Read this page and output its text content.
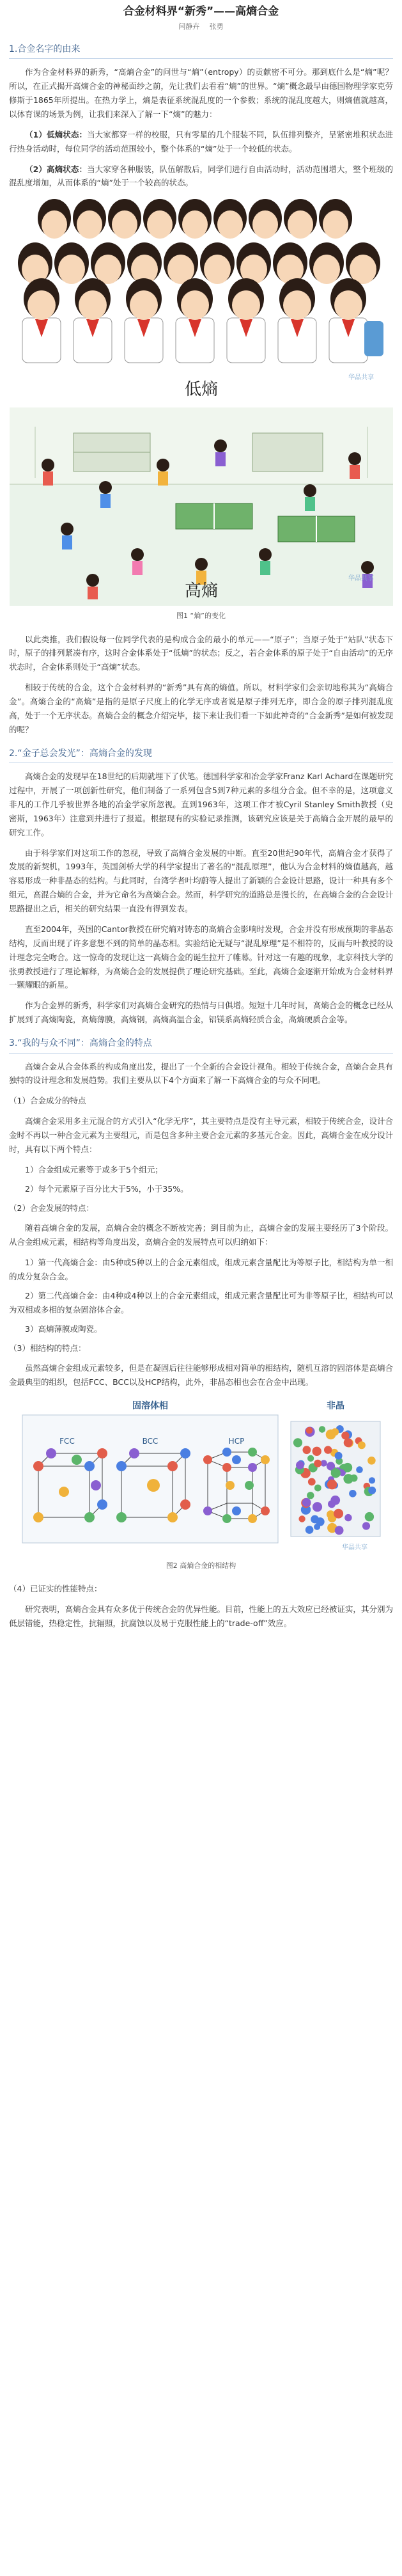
合金材料界“新秀”——高熵合金
闫静卉 张勇
1.合金名字的由来

作为合金材料界的新秀，“高熵合金”的问世与“熵”（entropy）的贡献密不可分。那到底什么是“熵”呢？所以，在正式揭开高熵合金的神秘面纱之前，先让我们去看看“熵”的世界。“熵”概念最早由德国物理学家克劳修斯于1865年所提出。在热力学上，熵是表征系统混乱度的一个参数；系统的混乱度越大，则熵值就越高，以体育课的场景为例，让我们来深入了解一下“熵”的魅力：

（1）低熵状态：当大家都穿一样的校服，只有零星的几个服装不同，队伍排列整齐，呈紧密堆积状态进行热身活动时，每位同学的活动范围较小，整个体系的“熵”处于一个较低的状态。

（2）高熵状态：当大家穿各种服装，队伍解散后，同学们进行自由活动时，活动范围增大，整个班级的混乱度增加，从而体系的“熵”处于一个较高的状态。

低熵
华晶共享
高熵
华晶共享
图1 “熵”的变化

以此类推，我们假设每一位同学代表的是构成合金的最小的单元——“原子”；当原子处于“站队”状态下时，原子的排列紧凑有序，这时合金体系处于“低熵”的状态；反之，若合金体系的原子处于“自由活动”的无序状态时，合金体系则处于“高熵”状态。

相较于传统的合金，这个合金材料界的“新秀”具有高的熵值。所以，材料学家们会亲切地称其为“高熵合金”。高熵合金的“高熵”是指的是原子尺度上的化学无序或者说是原子排列无序，即合金的原子排列混乱度高，处于一个无序状态。高熵合金的概念介绍完毕，接下来让我们看一下如此神奇的“合金新秀”是如何被发现的呢？

2.“金子总会发光”：高熵合金的发现

高熵合金的发现早在18世纪的后期就埋下了伏笔。德国科学家和冶金学家Franz Karl Achard在课题研究过程中，开展了一项创新性研究，他们制备了一系列包含5到7种元素的多组分合金。但不幸的是，这项意义非凡的工作几乎被世界各地的冶金学家所忽视。直到1963年，这项工作才被Cyril Stanley Smith教授（史密斯，1963年）注意到并进行了报道。根据现有的实验记录推测，该研究应该是关于高熵合金开展的最早的研究工作。

由于科学家们对这项工作的忽视，导致了高熵合金发展的中断。直至20世纪90年代，高熵合金才获得了发展的新契机，1993年，英国剑桥大学的科学家提出了著名的“混乱原理”，他认为合金材料的熵值越高，越容易形成一种非晶态的结构。与此同时，台湾学者叶均蔚等人提出了新颖的合金设计思路，设计一种具有多个组元，高混合熵的合金，并为它命名为高熵合金。然而，科学研究的道路总是漫长的，在高熵合金的合金设计思路提出之后，相关的研究结果一直没有得到发表。

直至2004年，英国的Cantor教授在研究熵对铸态的高熵合金影响时发现，合金并没有形成预期的非晶态结构，反而出现了许多意想不到的简单的晶态相。实验结论无疑与“混乱原理”是不相符的，反而与叶教授的设计理念完全吻合。这一惊奇的发现让这一高熵合金的诞生拉开了帷幕。针对这一有趣的现象，北京科技大学的张勇教授进行了理论解释，为高熵合金的发展提供了理论研究基础。至此，高熵合金逐渐开始成为合金材料界一颗耀眼的新星。

作为合金界的新秀，科学家们对高熵合金研究的热情与日俱增。短短十几年时间，高熵合金的概念已经从扩展到了高熵陶瓷，高熵薄膜，高熵钢，高熵高温合金，铝镁系高熵轻质合金，高熵硬质合金等。

3.“我的与众不同”：高熵合金的特点

高熵合金从合金体系的构成角度出发，提出了一个全新的合金设计视角。相较于传统合金，高熵合金具有独特的设计理念和发展趋势。我们主要从以下4个方面来了解一下高熵合金的与众不同吧。

（1）合金成分的特点

高熵合金采用多主元混合的方式引入“化学无序”，其主要特点是没有主导元素，相较于传统合金，设计合金时不再以一种合金元素为主要组元，而是包含多种主要合金元素的多基元合金。因此，高熵合金在成分设计时，具有以下两个特点：

1）合金组成元素等于或多于5个组元；

2）每个元素原子百分比大于5%，小于35%。

（2）合金发展的特点：

随着高熵合金的发展，高熵合金的概念不断被完善；到目前为止，高熵合金的发展主要经历了3个阶段。从合金组成元素，相结构等角度出发，高熵合金的发展特点可以归纳如下：

1）第一代高熵合金：由5种或5种以上的合金元素组成，组成元素含量配比为等原子比，相结构为单一相的成分复杂合金。

2）第二代高熵合金：由4种或4种以上的合金元素组成，组成元素含量配比可为非等原子比，相结构可以为双相或多相的复杂固溶体合金。

3）高熵薄膜或陶瓷。

（3）相结构的特点：

虽然高熵合金组成元素较多，但是在凝固后往往能够形成相对简单的相结构，随机互溶的固溶体是高熵合金最典型的组织，包括FCC、BCC以及HCP结构，此外，非晶态相也会在合金中出现。

固溶体相
FCC	BCC	HCP
非晶
华晶共享
图2 高熵合金的相结构

（4）已证实的性能特点：

研究表明，高熵合金具有众多优于传统合金的优异性能。目前，性能上的五大效应已经被证实，其分别为低层错能，热稳定性，抗辐照，抗腐蚀以及易于克服性能上的“trade-off”效应。
